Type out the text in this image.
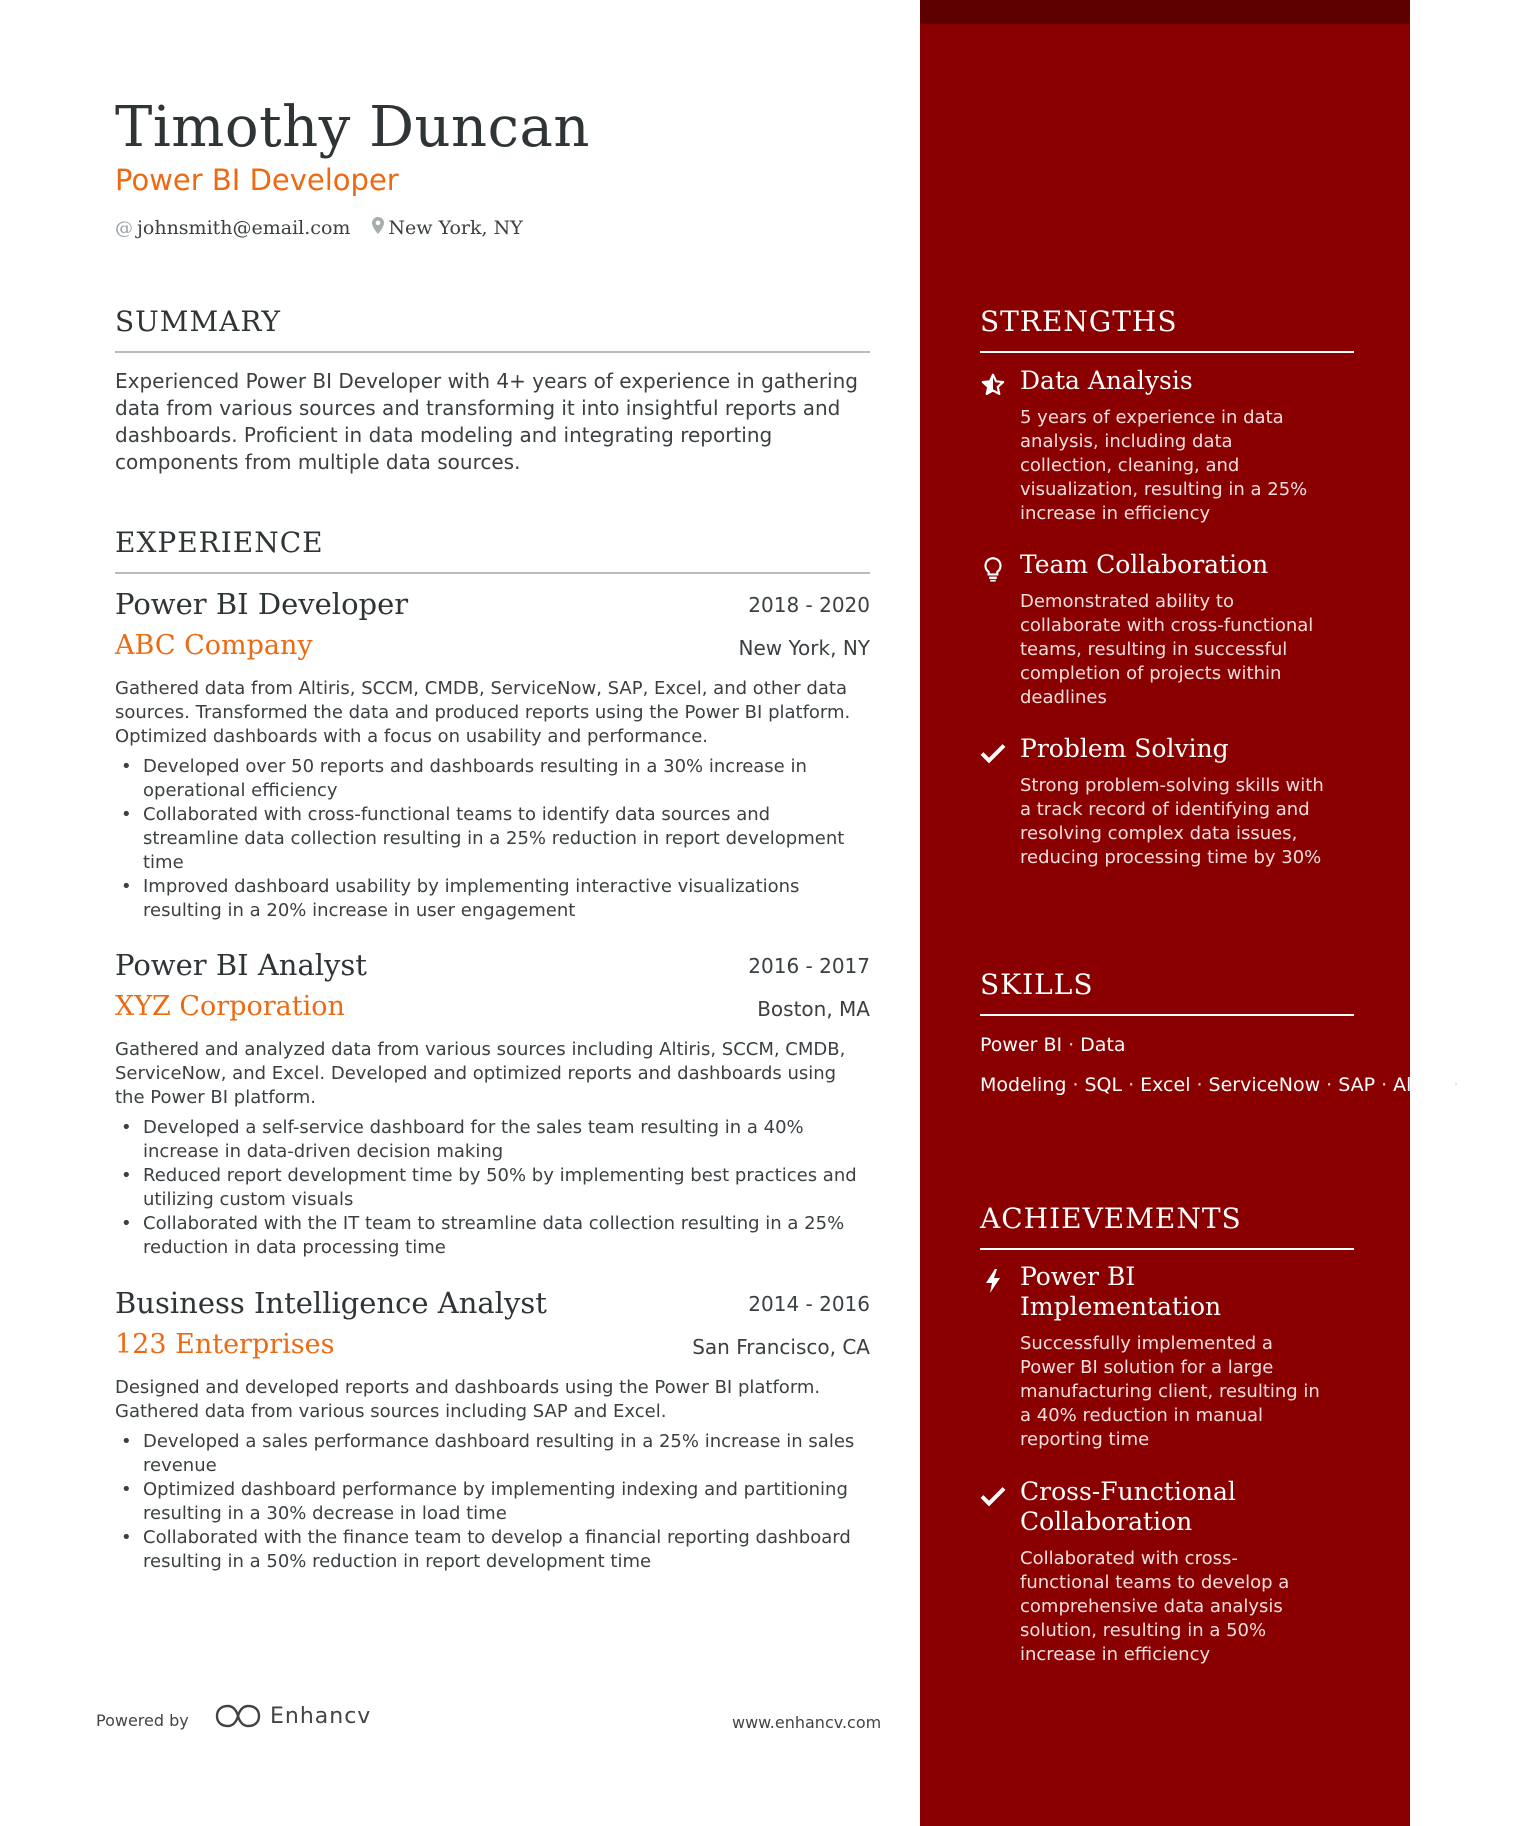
Timothy Duncan
Power BI Developer
@ johnsmith@email.com New York, NY
SUMMARY
Experienced Power BI Developer with 4+ years of experience in gathering data from various sources and transforming it into insightful reports and dashboards. Proficient in data modeling and integrating reporting components from multiple data sources.
EXPERIENCE
Power BI Developer	2018 - 2020
ABC Company	New York, NY
Gathered data from Altiris, SCCM, CMDB, ServiceNow, SAP, Excel, and other data sources. Transformed the data and produced reports using the Power BI platform. Optimized dashboards with a focus on usability and performance.
• Developed over 50 reports and dashboards resulting in a 30% increase in operational efficiency
• Collaborated with cross-functional teams to identify data sources and streamline data collection resulting in a 25% reduction in report development time
• Improved dashboard usability by implementing interactive visualizations resulting in a 20% increase in user engagement
Power BI Analyst	2016 - 2017
XYZ Corporation	Boston, MA
Gathered and analyzed data from various sources including Altiris, SCCM, CMDB, ServiceNow, and Excel. Developed and optimized reports and dashboards using the Power BI platform.
• Developed a self-service dashboard for the sales team resulting in a 40% increase in data-driven decision making
• Reduced report development time by 50% by implementing best practices and utilizing custom visuals
• Collaborated with the IT team to streamline data collection resulting in a 25% reduction in data processing time
Business Intelligence Analyst	2014 - 2016
123 Enterprises	San Francisco, CA
Designed and developed reports and dashboards using the Power BI platform. Gathered data from various sources including SAP and Excel.
• Developed a sales performance dashboard resulting in a 25% increase in sales revenue
• Optimized dashboard performance by implementing indexing and partitioning resulting in a 30% decrease in load time
• Collaborated with the finance team to develop a financial reporting dashboard resulting in a 50% reduction in report development time
Powered by	Enhancv	www.enhancv.com
STRENGTHS
Data Analysis
5 years of experience in data analysis, including data collection, cleaning, and visualization, resulting in a 25% increase in efficiency
Team Collaboration
Demonstrated ability to collaborate with cross-functional teams, resulting in successful completion of projects within deadlines
Problem Solving
Strong problem-solving skills with a track record of identifying and resolving complex data issues, reducing processing time by 30%
SKILLS
Power BI · Data Modeling · SQL · Excel · ServiceNow · SAP · Altiris · SCCM
ACHIEVEMENTS
Power BI Implementation
Successfully implemented a Power BI solution for a large manufacturing client, resulting in a 40% reduction in manual reporting time
Cross-Functional Collaboration
Collaborated with cross-functional teams to develop a comprehensive data analysis solution, resulting in a 50% increase in efficiency
